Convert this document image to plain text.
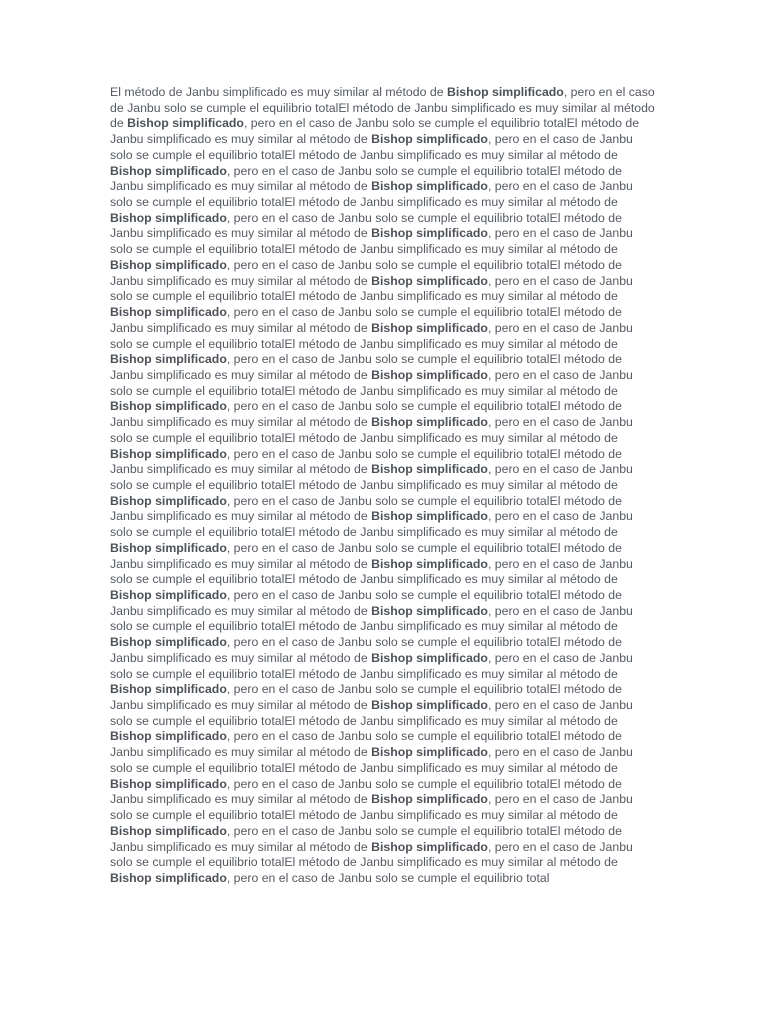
El método de Janbu simplificado es muy similar al método de Bishop simplificado, pero en el caso de Janbu solo se cumple el equilibrio totalEl método de Janbu simplificado es muy similar al método de Bishop simplificado, pero en el caso de Janbu solo se cumple el equilibrio totalEl método de Janbu simplificado es muy similar al método de Bishop simplificado, pero en el caso de Janbu solo se cumple el equilibrio totalEl método de Janbu simplificado es muy similar al método de Bishop simplificado, pero en el caso de Janbu solo se cumple el equilibrio totalEl método de Janbu simplificado es muy similar al método de Bishop simplificado, pero en el caso de Janbu solo se cumple el equilibrio totalEl método de Janbu simplificado es muy similar al método de Bishop simplificado, pero en el caso de Janbu solo se cumple el equilibrio totalEl método de Janbu simplificado es muy similar al método de Bishop simplificado, pero en el caso de Janbu solo se cumple el equilibrio totalEl método de Janbu simplificado es muy similar al método de Bishop simplificado, pero en el caso de Janbu solo se cumple el equilibrio totalEl método de Janbu simplificado es muy similar al método de Bishop simplificado, pero en el caso de Janbu solo se cumple el equilibrio totalEl método de Janbu simplificado es muy similar al método de Bishop simplificado, pero en el caso de Janbu solo se cumple el equilibrio totalEl método de Janbu simplificado es muy similar al método de Bishop simplificado, pero en el caso de Janbu solo se cumple el equilibrio totalEl método de Janbu simplificado es muy similar al método de Bishop simplificado, pero en el caso de Janbu solo se cumple el equilibrio totalEl método de Janbu simplificado es muy similar al método de Bishop simplificado, pero en el caso de Janbu solo se cumple el equilibrio totalEl método de Janbu simplificado es muy similar al método de Bishop simplificado, pero en el caso de Janbu solo se cumple el equilibrio totalEl método de Janbu simplificado es muy similar al método de Bishop simplificado, pero en el caso de Janbu solo se cumple el equilibrio totalEl método de Janbu simplificado es muy similar al método de Bishop simplificado, pero en el caso de Janbu solo se cumple el equilibrio totalEl método de Janbu simplificado es muy similar al método de Bishop simplificado, pero en el caso de Janbu solo se cumple el equilibrio totalEl método de Janbu simplificado es muy similar al método de Bishop simplificado, pero en el caso de Janbu solo se cumple el equilibrio totalEl método de Janbu simplificado es muy similar al método de Bishop simplificado, pero en el caso de Janbu solo se cumple el equilibrio totalEl método de Janbu simplificado es muy similar al método de Bishop simplificado, pero en el caso de Janbu solo se cumple el equilibrio totalEl método de Janbu simplificado es muy similar al método de Bishop simplificado, pero en el caso de Janbu solo se cumple el equilibrio totalEl método de Janbu simplificado es muy similar al método de Bishop simplificado, pero en el caso de Janbu solo se cumple el equilibrio totalEl método de Janbu simplificado es muy similar al método de Bishop simplificado, pero en el caso de Janbu solo se cumple el equilibrio totalEl método de Janbu simplificado es muy similar al método de Bishop simplificado, pero en el caso de Janbu solo se cumple el equilibrio totalEl método de Janbu simplificado es muy similar al método de Bishop simplificado, pero en el caso de Janbu solo se cumple el equilibrio totalEl método de Janbu simplificado es muy similar al método de Bishop simplificado, pero en el caso de Janbu solo se cumple el equilibrio totalEl método de Janbu simplificado es muy similar al método de Bishop simplificado, pero en el caso de Janbu solo se cumple el equilibrio totalEl método de Janbu simplificado es muy similar al método de Bishop simplificado, pero en el caso de Janbu solo se cumple el equilibrio totalEl método de Janbu simplificado es muy similar al método de Bishop simplificado, pero en el caso de Janbu solo se cumple el equilibrio totalEl método de Janbu simplificado es muy similar al método de Bishop simplificado, pero en el caso de Janbu solo se cumple el equilibrio totalEl método de Janbu simplificado es muy similar al método de Bishop simplificado, pero en el caso de Janbu solo se cumple el equilibrio totalEl método de Janbu simplificado es muy similar al método de Bishop simplificado, pero en el caso de Janbu solo se cumple el equilibrio totalEl método de Janbu simplificado es muy similar al método de Bishop simplificado, pero en el caso de Janbu solo se cumple el equilibrio totalEl método de Janbu simplificado es muy similar al método de Bishop simplificado, pero en el caso de Janbu solo se cumple el equilibrio total
